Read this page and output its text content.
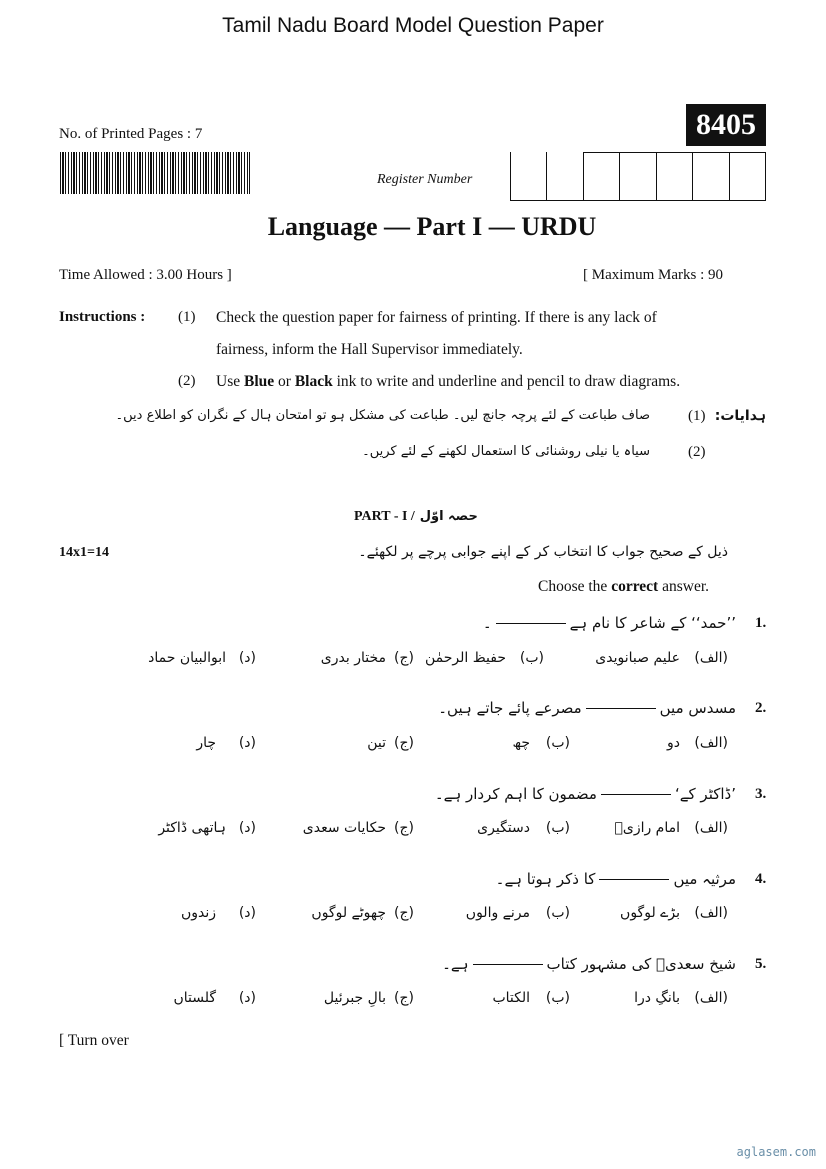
Tamil Nadu Board Model Question Paper
No. of Printed Pages : 7	8405
Register Number
Language — Part I — URDU
Time Allowed : 3.00 Hours ]	[ Maximum Marks : 90
Instructions : (1) Check the question paper for fairness of printing. If there is any lack of
fairness, inform the Hall Supervisor immediately.
(2) Use Blue or Black ink to write and underline and pencil to draw diagrams.
ہدایات:
(1)
صاف طباعت کے لئے پرچہ جانچ لیں۔ طباعت کی مشکل ہو تو امتحان ہال کے نگران کو اطلاع دیں۔
(2)
سیاہ یا نیلی روشنائی کا استعمال لکھنے کے لئے کریں۔
PART - I / حصہ اوّل
14x1=14	ذیل کے صحیح جواب کا انتخاب کر کے اپنے جوابی پرچے پر لکھئے۔
Choose the correct answer.
1.
’’حمد‘‘ کے شاعر کا نام ہے۔
(الف)
علیم صبانویدی
(ب)
حفیظ الرحمٰن
(ج)
مختار بدری
(د)
ابوالبیان حماد
2.
مسدس میںمصرعے پائے جاتے ہیں۔
(الف)
دو
(ب)
چھ
(ج)
تین
(د)
چار
3.
’ڈاکٹر کے‘مضمون کا اہم کردار ہے۔
(الف)
امام رازیؒ
(ب)
دستگیری
(ج)
حکایات سعدی
(د)
ہاتھی ڈاکٹر
4.
مرثیہ میںکا ذکر ہوتا ہے۔
(الف)
بڑے لوگوں
(ب)
مرنے والوں
(ج)
چھوٹے لوگوں
(د)
زندوں
5.
شیخ سعدیؒ کی مشہور کتابہے۔
(الف)
بانگِ درا
(ب)
الکتاب
(ج)
بالِ جبرئیل
(د)
گلستاں
[ Turn over
aglasem.com
